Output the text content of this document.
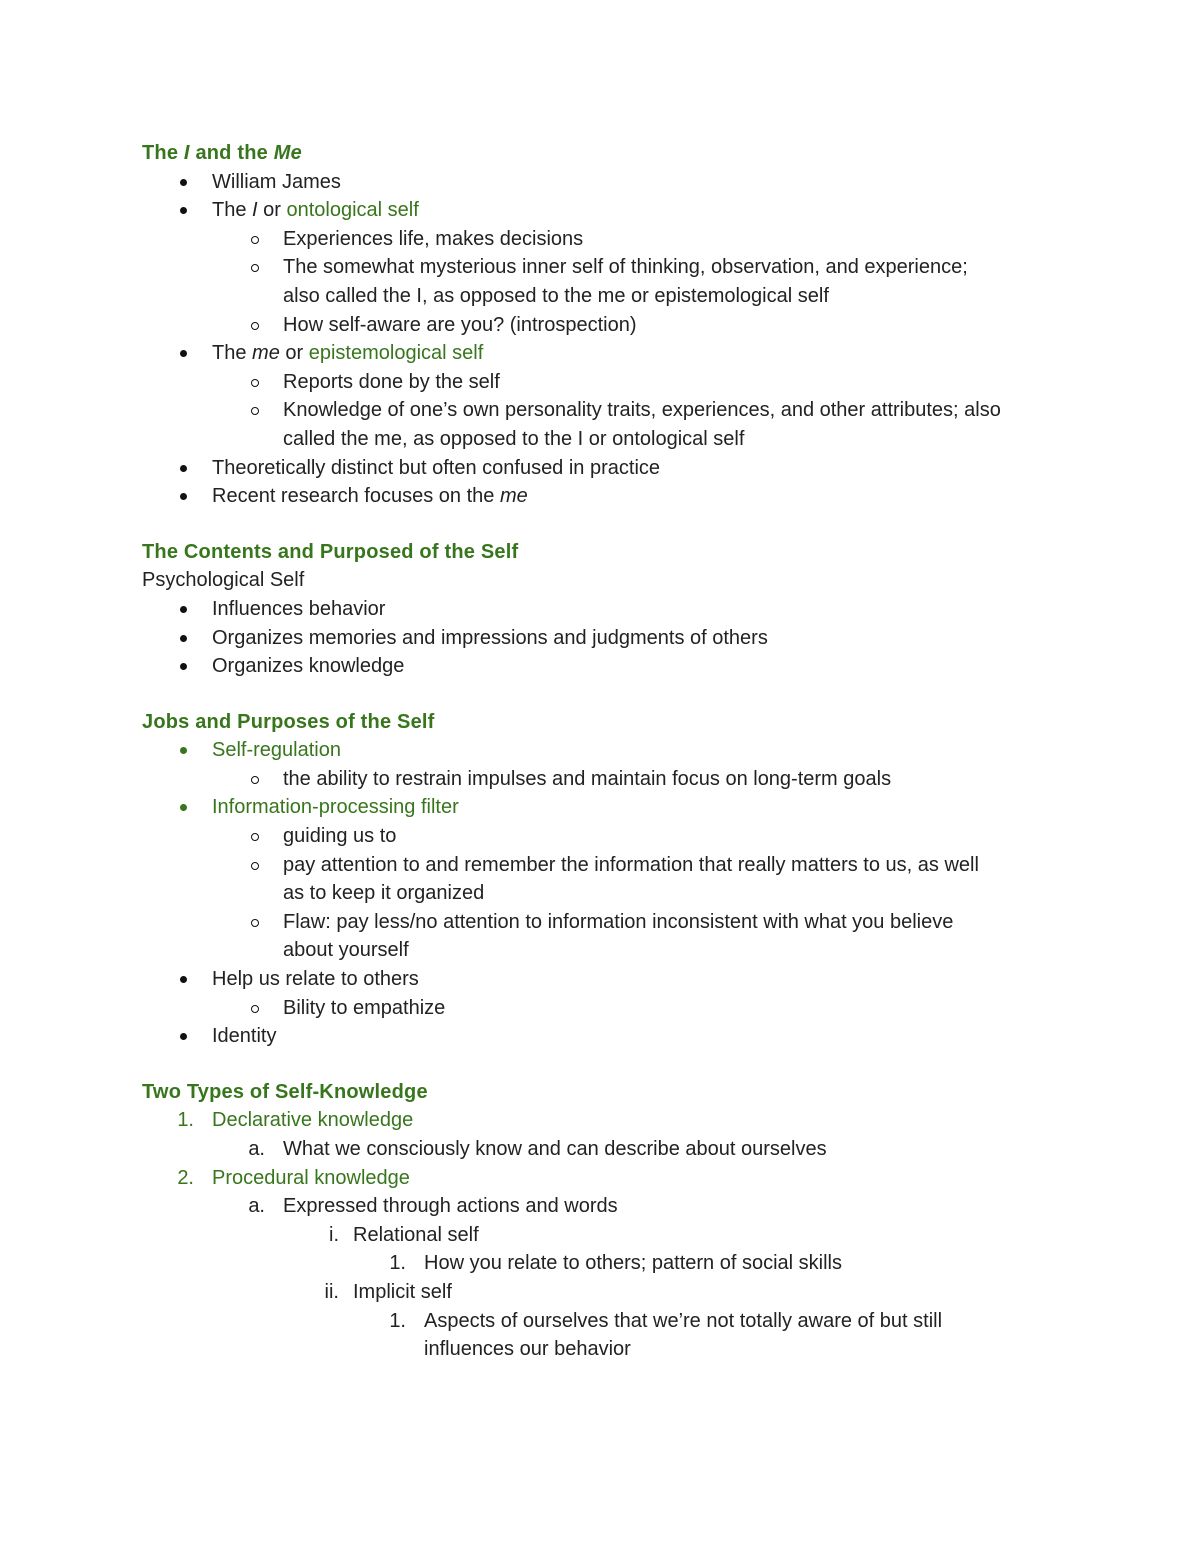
The I and the Me
William James
The I or ontological self
Experiences life, makes decisions
The somewhat mysterious inner self of thinking, observation, and experience;
also called the I, as opposed to the me or epistemological self
How self-aware are you? (introspection)
The me or epistemological self
Reports done by the self
Knowledge of one’s own personality traits, experiences, and other attributes; also
called the me, as opposed to the I or ontological self
Theoretically distinct but often confused in practice
Recent research focuses on the me
The Contents and Purposed of the Self
Psychological Self
Influences behavior
Organizes memories and impressions and judgments of others
Organizes knowledge
Jobs and Purposes of the Self
Self-regulation
the ability to restrain impulses and maintain focus on long-term goals
Information-processing filter
guiding us to
pay attention to and remember the information that really matters to us, as well
as to keep it organized
Flaw: pay less/no attention to information inconsistent with what you believe
about yourself
Help us relate to others
Bility to empathize
Identity
Two Types of Self-Knowledge
1. Declarative knowledge
a. What we consciously know and can describe about ourselves
2. Procedural knowledge
a. Expressed through actions and words
i. Relational self
1. How you relate to others; pattern of social skills
ii. Implicit self
1. Aspects of ourselves that we’re not totally aware of but still
influences our behavior
